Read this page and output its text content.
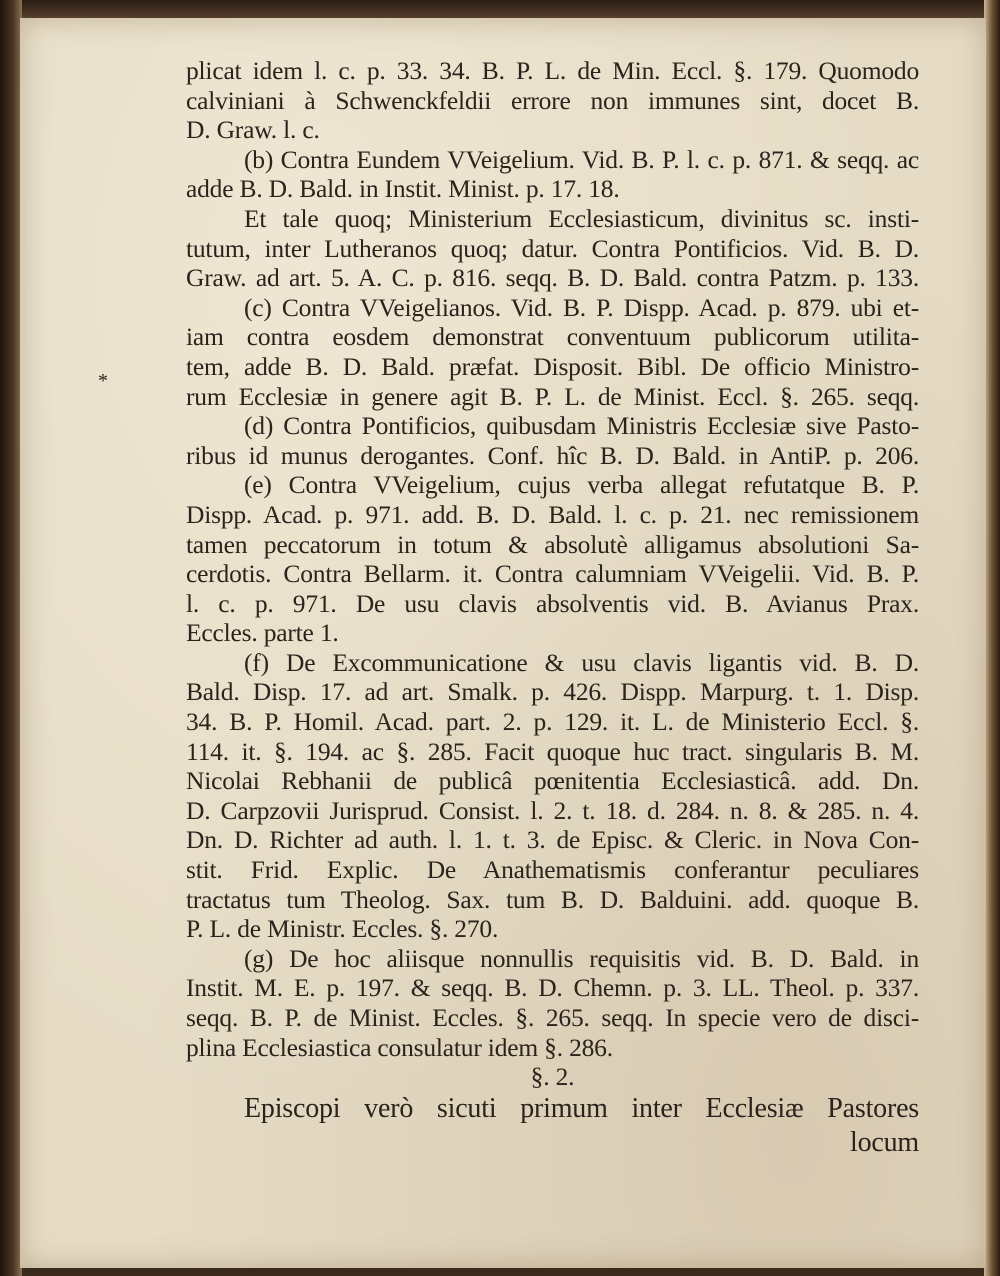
*
plicat idem l. c. p. 33. 34. B. P. L. de Min. Eccl. §. 179. Quomodo
calviniani à Schwenckfeldii errore non immunes sint, docet B.
D. Graw. l. c.
(b) Contra Eundem VVeigelium. Vid. B. P. l. c. p. 871. & seqq. ac
adde B. D. Bald. in Instit. Minist. p. 17. 18.
Et tale quoq; Ministerium Ecclesiasticum, divinitus sc. insti-
tutum, inter Lutheranos quoq; datur. Contra Pontificios. Vid. B. D.
Graw. ad art. 5. A. C. p. 816. seqq. B. D. Bald. contra Patzm. p. 133.
(c) Contra VVeigelianos. Vid. B. P. Dispp. Acad. p. 879. ubi et-
iam contra eosdem demonstrat conventuum publicorum utilita-
tem, adde B. D. Bald. præfat. Disposit. Bibl. De officio Ministro-
rum Ecclesiæ in genere agit B. P. L. de Minist. Eccl. §. 265. seqq.
(d) Contra Pontificios, quibusdam Ministris Ecclesiæ sive Pasto-
ribus id munus derogantes. Conf. hîc B. D. Bald. in AntiP. p. 206.
(e) Contra VVeigelium, cujus verba allegat refutatque B. P.
Dispp. Acad. p. 971. add. B. D. Bald. l. c. p. 21. nec remissionem
tamen peccatorum in totum & absolutè alligamus absolutioni Sa-
cerdotis. Contra Bellarm. it. Contra calumniam VVeigelii. Vid. B. P.
l. c. p. 971. De usu clavis absolventis vid. B. Avianus Prax.
Eccles. parte 1.
(f) De Excommunicatione & usu clavis ligantis vid. B. D.
Bald. Disp. 17. ad art. Smalk. p. 426. Dispp. Marpurg. t. 1. Disp.
34. B. P. Homil. Acad. part. 2. p. 129. it. L. de Ministerio Eccl. §.
114. it. §. 194. ac §. 285. Facit quoque huc tract. singularis B. M.
Nicolai Rebhanii de publicâ pœnitentia Ecclesiasticâ. add. Dn.
D. Carpzovii Jurisprud. Consist. l. 2. t. 18. d. 284. n. 8. & 285. n. 4.
Dn. D. Richter ad auth. l. 1. t. 3. de Episc. & Cleric. in Nova Con-
stit. Frid. Explic. De Anathematismis conferantur peculiares
tractatus tum Theolog. Sax. tum B. D. Balduini. add. quoque B.
P. L. de Ministr. Eccles. §. 270.
(g) De hoc aliisque nonnullis requisitis vid. B. D. Bald. in
Instit. M. E. p. 197. & seqq. B. D. Chemn. p. 3. LL. Theol. p. 337.
seqq. B. P. de Minist. Eccles. §. 265. seqq. In specie vero de disci-
plina Ecclesiastica consulatur idem §. 286.
§. 2.
Episcopi verò sicuti primum inter Ecclesiæ Pastores
locum
